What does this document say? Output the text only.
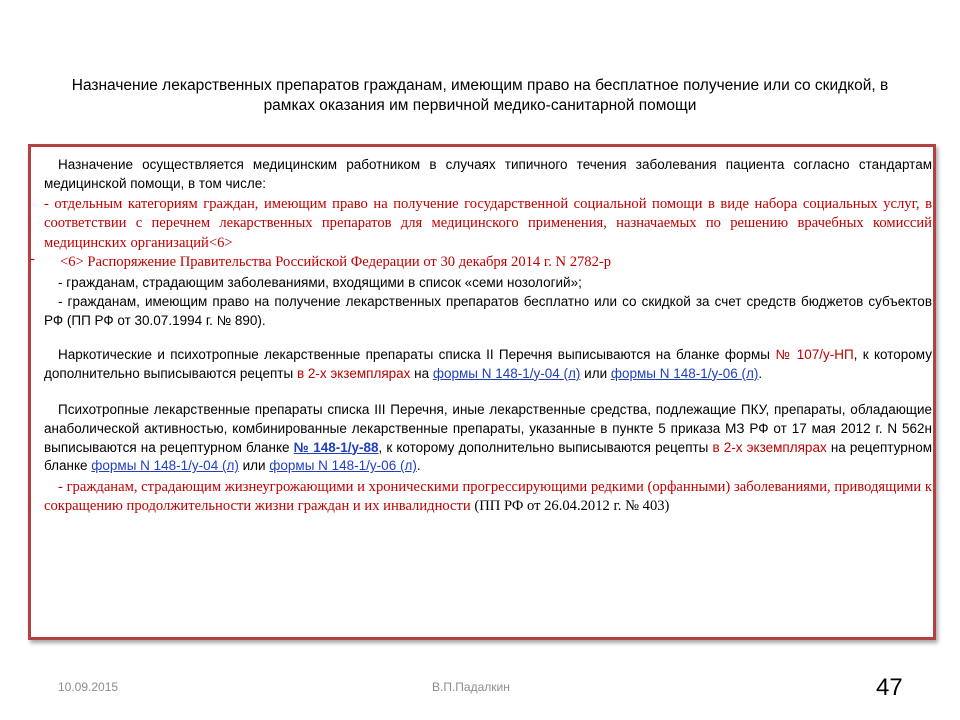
Назначение лекарственных препаратов гражданам, имеющим право на бесплатное получение или со скидкой, в рамках оказания им первичной медико-санитарной помощи

Назначение осуществляется медицинским работником в случаях типичного течения заболевания пациента согласно стандартам медицинской помощи, в том числе:

- отдельным категориям граждан, имеющим право на получение государственной социальной помощи в виде набора социальных услуг, в соответствии с перечнем лекарственных препаратов для медицинского применения, назначаемых по решению врачебных комиссий медицинских организаций<6>

-	<6> Распоряжение Правительства Российской Федерации от 30 декабря 2014 г. N 2782-р

- гражданам, страдающим заболеваниями, входящими в список «семи нозологий»;

- гражданам, имеющим право на получение лекарственных препаратов бесплатно или со скидкой за счет средств бюджетов субъектов РФ (ПП РФ от 30.07.1994 г. № 890).

Наркотические и психотропные лекарственные препараты списка II Перечня выписываются на бланке формы № 107/у-НП, к которому дополнительно выписываются рецепты в 2-х экземплярах на формы N 148-1/у-04 (л) или формы N 148-1/у-06 (л).

Психотропные лекарственные препараты списка III Перечня, иные лекарственные средства, подлежащие ПКУ, препараты, обладающие анаболической активностью, комбинированные лекарственные препараты, указанные в пункте 5 приказа МЗ РФ от 17 мая 2012 г. N 562н выписываются на рецептурном бланке № 148-1/у-88, к которому дополнительно выписываются рецепты в 2-х экземплярах на рецептурном бланке формы N 148-1/у-04 (л) или формы N 148-1/у-06 (л).

- гражданам, страдающим жизнеугрожающими и хроническими прогрессирующими редкими (орфанными) заболеваниями, приводящими к сокращению продолжительности жизни граждан и их инвалидности (ПП РФ от 26.04.2012 г. № 403)

10.09.2015	В.П.Падалкин	47
